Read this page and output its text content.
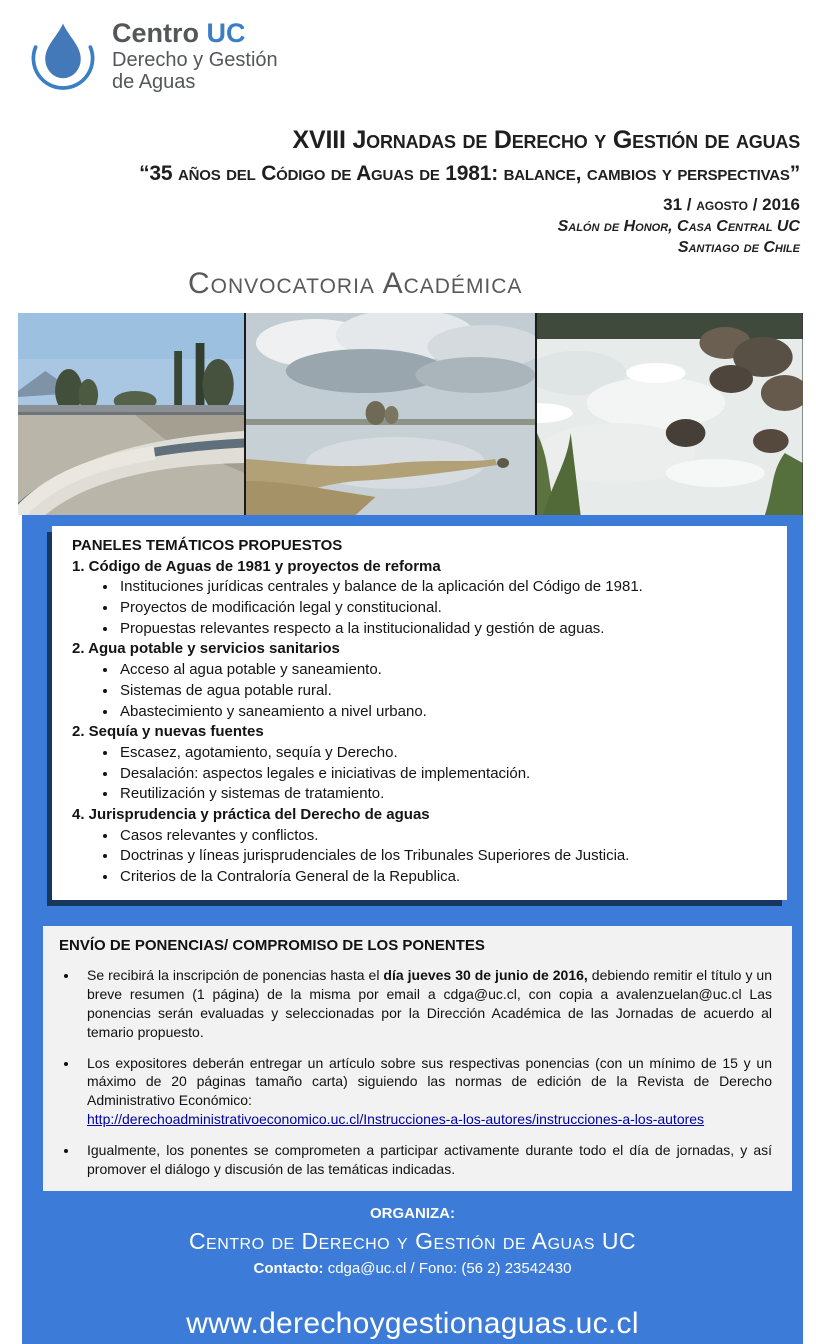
Centro UC
Derecho y Gestión
de Aguas
XVIII Jornadas de Derecho y Gestión de aguas
“35 años del Código de Aguas de 1981: balance, cambios y perspectivas”
31 / agosto / 2016
Salón de Honor, Casa Central UC
Santiago de Chile
Convocatoria Académica
PANELES TEMÁTICOS PROPUESTOS
1. Código de Aguas de 1981 y proyectos de reforma
• Instituciones jurídicas centrales y balance de la aplicación del Código de 1981.
• Proyectos de modificación legal y constitucional.
• Propuestas relevantes respecto a la institucionalidad y gestión de aguas.
2. Agua potable y servicios sanitarios
• Acceso al agua potable y saneamiento.
• Sistemas de agua potable rural.
• Abastecimiento y saneamiento a nivel urbano.
2. Sequía y nuevas fuentes
• Escasez, agotamiento, sequía y Derecho.
• Desalación: aspectos legales e iniciativas de implementación.
• Reutilización y sistemas de tratamiento.
4. Jurisprudencia y práctica del Derecho de aguas
• Casos relevantes y conflictos.
• Doctrinas y líneas jurisprudenciales de los Tribunales Superiores de Justicia.
• Criterios de la Contraloría General de la Republica.
ENVÍO DE PONENCIAS/ COMPROMISO DE LOS PONENTES
• Se recibirá la inscripción de ponencias hasta el día jueves 30 de junio de 2016, debiendo remitir el título y un breve resumen (1 página) de la misma por email a cdga@uc.cl, con copia a avalenzuelan@uc.cl Las ponencias serán evaluadas y seleccionadas por la Dirección Académica de las Jornadas de acuerdo al temario propuesto.
• Los expositores deberán entregar un artículo sobre sus respectivas ponencias (con un mínimo de 15 y un máximo de 20 páginas tamaño carta) siguiendo las normas de edición de la Revista de Derecho Administrativo Económico:
http://derechoadministrativoeconomico.uc.cl/Instrucciones-a-los-autores/instrucciones-a-los-autores
• Igualmente, los ponentes se comprometen a participar activamente durante todo el día de jornadas, y así promover el diálogo y discusión de las temáticas indicadas.
ORGANIZA:
Centro de Derecho y Gestión de Aguas UC
Contacto: cdga@uc.cl / Fono: (56 2) 23542430
www.derechoygestionaguas.uc.cl
